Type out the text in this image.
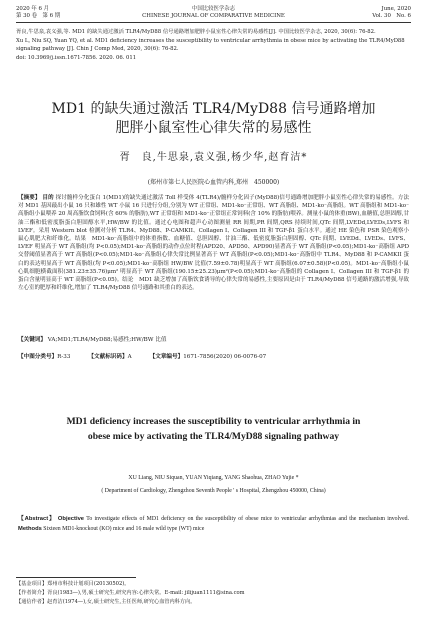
2020 年 6 月
第 30 卷　第 6 期
中国比较医学杂志
CHINESE JOURNAL OF COMPARATIVE MEDICINE
June, 2020
Vol. 30　No. 6
胥良,牛思泉,袁义强,等. MD1 的缺失通过激活 TLR4/MyD88 信号通路增加肥胖小鼠室性心律失常的易感性[J]. 中国比较医学杂志, 2020, 30(6): 76-82.
Xu L, Niu SQ, Yuan YQ, et al. MD1 deficiency increases the susceptibility to ventricular arrhythmia in obese mice by activating the TLR4/MyD88 signaling pathway [J]. Chin J Comp Med, 2020, 30(6): 76-82.
doi: 10.3969/j.issn.1671-7856. 2020. 06. 011
MD1 的缺失通过激活 TLR4/MyD88 信号通路增加
肥胖小鼠室性心律失常的易感性
胥　良,牛思泉,袁义强,杨少华,赵育洁*
(郑州市第七人民医院心血管内科,郑州　450000)
【摘要】 目的 探讨髓样分化蛋白 1(MD1)的缺失通过激活 Toll 样受体 4(TLR4)/髓样分化因子(MyD88)信号通路增加肥胖小鼠室性心律失常的易感性。方法　对 MD1 基因敲出小鼠 16 只和雄性 WT 小鼠 16 只进行分组,分别为 WT 正常组、MD1-ko⁻正常组、WT 高脂组、MD1-ko⁻高脂组。WT 高脂组和 MD1-ko⁻高脂组小鼠喂养 20 周高脂饮食饲料(含 60% 的脂肪),WT 正常组和 MD1-ko⁻正常组正常饲料(含 10% 的脂肪)喂养。测量小鼠的体重(BW),血糖值,总胆固醇,甘油三酯和低密度脂蛋白胆固醇水平,HW/BW 的比值。通过心电图和超声心动图测量 RR 间期,PR 间期,QRS 持续时间,QTc 间期,LVEDd,LVEDs,LVFS 和 LVEF。采用 Western blot 检测对分析 TLR4、MyD88、P-CAMKII、Collagen I、Collagen III 和 TGF-β1 蛋白水平。通过 HE 染色和 PSR 染色观察小鼠心肌肥大和纤维化。结果　MD1-ko⁻高脂组中的体重指数、血糖值、总胆固醇、甘油三酯、低密度脂蛋白胆固醇、QTc 间期、LVEDd、LVEDs、LVFS、LVEF 明显高于 WT 高脂组(均 P<0.05);MD1-ko⁻高脂组的动作点位时程(APD20、APD50、APD90)显著高于 WT 高脂组(P<0.05);MD1-ko⁻高脂组 APD 交替阈值显著高于 WT 高脂组(P<0.05);MD1-ko⁻高脂组心律失常比例显著高于 WT 高脂组(P<0.05);MD1-ko⁻高脂组中 TLR4、MyD88 和 P-CAMKII 蛋白的表达明显高于 WT 高脂组(均 P<0.05);MD1-ko⁻高脂组 HW/BW 比值(7.59±0.78)明显高于 WT 高脂组(6.07±0.58)(P<0.05)。MD1-ko⁻高脂组小鼠心肌细胞横截面积(381.23±35.76)μm² 明显高于 WT 高脂组(190.15±25.23)μm²(P<0.05);MD1-ko⁻高脂组的 Collagen I、Collagen III 和 TGF-β1 的蛋白含量明显高于 WT 高脂组(P<0.05)。结论　MD1 缺乏增加了高脂饮食诱导的心律失常的易感性,主要原因是由于 TLR4/MyD88 信号通路的激活增强,导致左心室的肥厚和纤维化,增加了 TLR4/MyD88 信号通路和其重白的表达。
【关键词】 VA;MD1;TLR4/MyD88;易感性;HW/BW 比值
【中图分类号】R-33	【文献标识码】A	【文章编号】1671-7856(2020) 06-0076-07
MD1 deficiency increases the susceptibility to ventricular arrhythmia in
obese mice by activating the TLR4/MyD88 signaling pathway
XU Liang, NIU Siquan, YUAN Yiqiang, YANG Shaohua, ZHAO Yujie *
( Department of Cardiology, Zhengzhou Seventh People ' s Hospital, Zhengzhou 450000, China)
【Abstract】 Objective To investigate effects of MD1 deficiency on the susceptibility of obese mice to ventricular arrhythmias and the mechanism involved. Methods Sixteen MD1-knockout (KO) mice and 16 male wild type (WT) mice
【基金项目】郑州市科技计划项目(20130502)。
【作者简介】胥良(1983—),男,硕士研究生,研究内容:心律失常。E-mail: jilijuan1111@sina.com
【通信作者】赵育洁(1974—),女,硕士研究生,主任医师,研究心血管内科方向。
